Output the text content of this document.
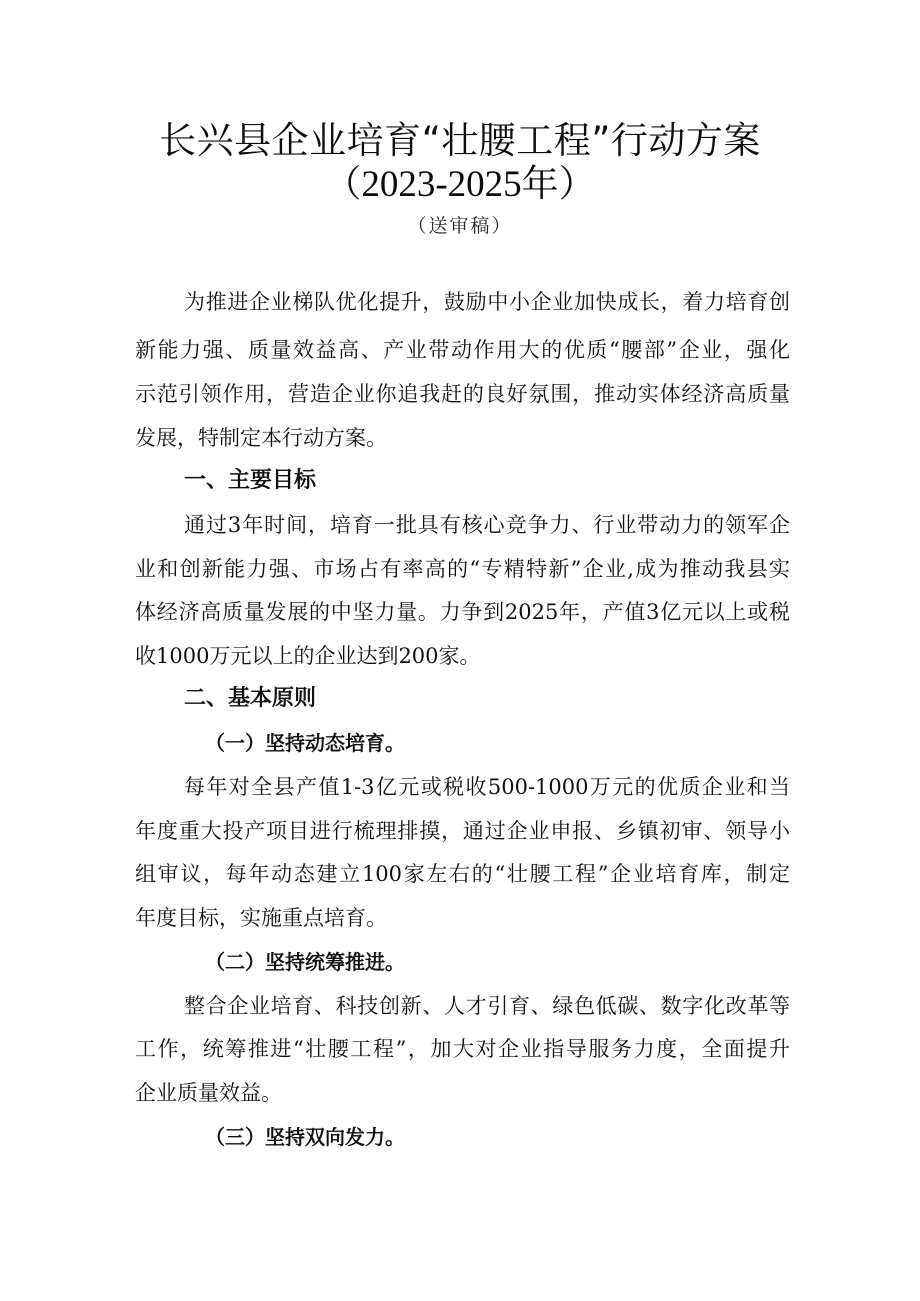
长兴县企业培育“壮腰工程”行动方案
（2023-2025年）
（送审稿）
为推进企业梯队优化提升，鼓励中小企业加快成长，着力培育创
新能力强、质量效益高、产业带动作用大的优质“腰部”企业，强化
示范引领作用，营造企业你追我赶的良好氛围，推动实体经济高质量
发展，特制定本行动方案。
一、主要目标
通过3年时间，培育一批具有核心竞争力、行业带动力的领军企
业和创新能力强、市场占有率高的“专精特新”企业,成为推动我县实
体经济高质量发展的中坚力量。力争到2025年，产值3亿元以上或税
收1000万元以上的企业达到200家。
二、基本原则
（一）坚持动态培育。
每年对全县产值1-3亿元或税收500-1000万元的优质企业和当
年度重大投产项目进行梳理排摸，通过企业申报、乡镇初审、领导小
组审议，每年动态建立100家左右的“壮腰工程”企业培育库，制定
年度目标，实施重点培育。
（二）坚持统筹推进。
整合企业培育、科技创新、人才引育、绿色低碳、数字化改革等
工作，统筹推进“壮腰工程”，加大对企业指导服务力度，全面提升
企业质量效益。
（三）坚持双向发力。
